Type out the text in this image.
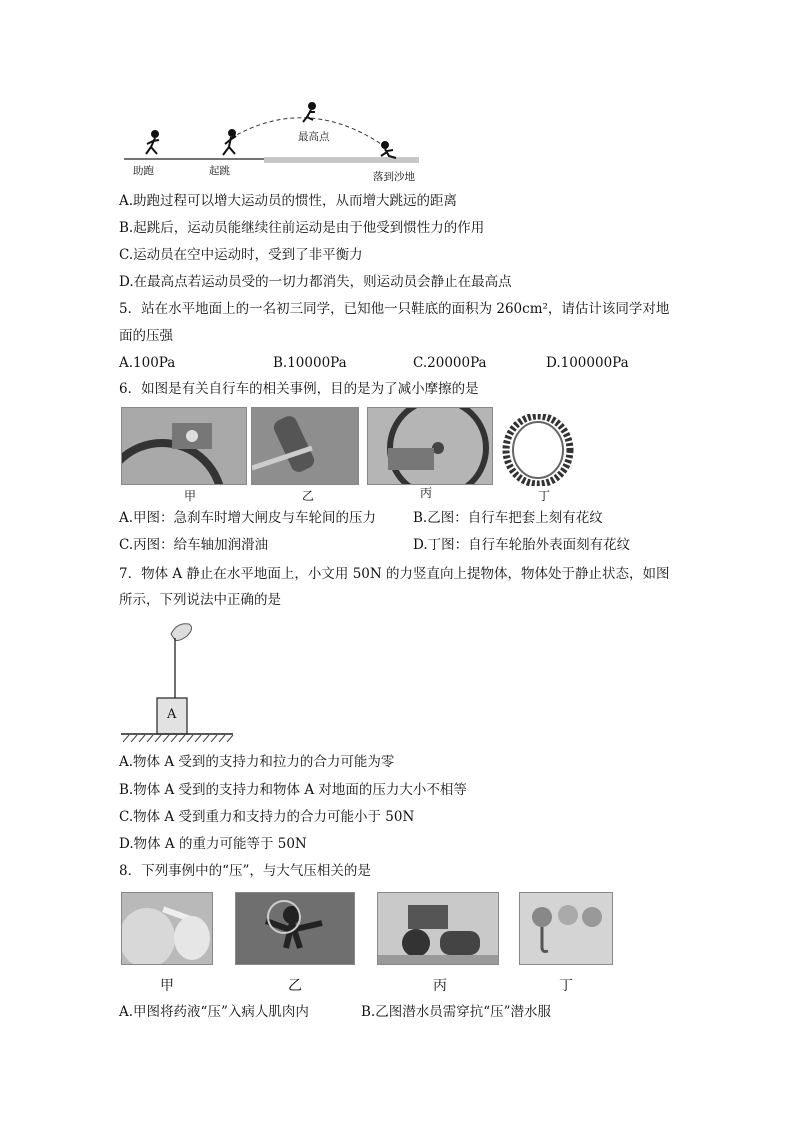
助跑	起跳
最高点
落到沙地
A.助跑过程可以增大运动员的惯性，从而增大跳远的距离
B.起跳后，运动员能继续往前运动是由于他受到惯性力的作用
C.运动员在空中运动时，受到了非平衡力
D.在最高点若运动员受的一切力都消失，则运动员会静止在最高点
5．站在水平地面上的一名初三同学，已知他一只鞋底的面积为 260cm²，请估计该同学对地
面的压强
A.100Pa	B.10000Pa	C.20000Pa	D.100000Pa
6．如图是有关自行车的相关事例，目的是为了减小摩擦的是
甲	乙	丙	丁
A.甲图：急刹车时增大闸皮与车轮间的压力	B.乙图：自行车把套上刻有花纹
C.丙图：给车轴加润滑油	D.丁图：自行车轮胎外表面刻有花纹
7．物体 A 静止在水平地面上，小文用 50N 的力竖直向上提物体，物体处于静止状态，如图
所示，下列说法中正确的是
A
A.物体 A 受到的支持力和拉力的合力可能为零
B.物体 A 受到的支持力和物体 A 对地面的压力大小不相等
C.物体 A 受到重力和支持力的合力可能小于 50N
D.物体 A 的重力可能等于 50N
8．下列事例中的“压”，与大气压相关的是
甲	乙	丙	丁
A.甲图将药液“压”入病人肌肉内	B.乙图潜水员需穿抗“压”潜水服
